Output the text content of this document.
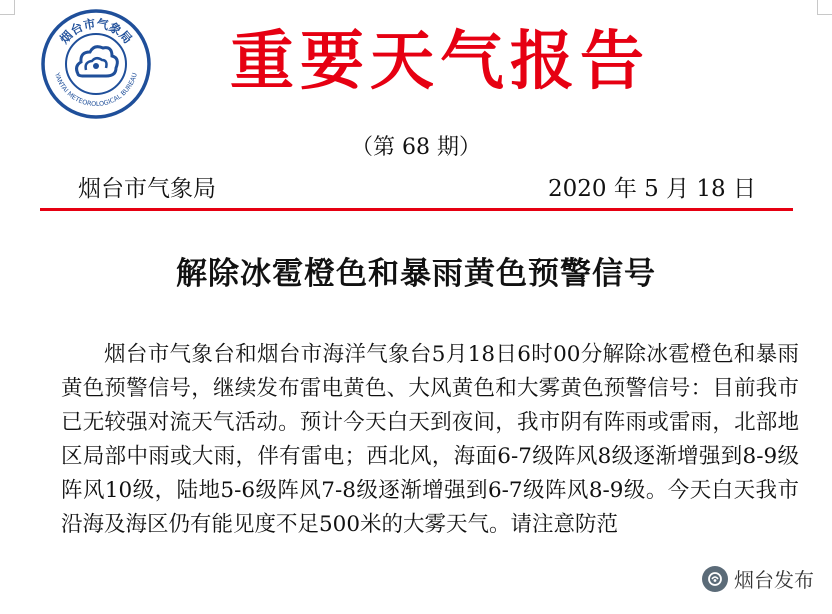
烟台市气象局
YANTAI METEOROLOGICAL BUREAU 重要天气报告
（第 68 期）
烟台市气象局	2020 年 5 月 18 日
解除冰雹橙色和暴雨黄色预警信号
烟台市气象台和烟台市海洋气象台5月18日6时00分解除冰雹橙色和暴雨黄色预警信号，继续发布雷电黄色、大风黄色和大雾黄色预警信号：目前我市已无较强对流天气活动。预计今天白天到夜间，我市阴有阵雨或雷雨，北部地区局部中雨或大雨，伴有雷电；西北风，海面6-7级阵风8级逐渐增强到8-9级阵风10级，陆地5-6级阵风7-8级逐渐增强到6-7级阵风8-9级。今天白天我市沿海及海区仍有能见度不足500米的大雾天气。请注意防范
烟台发布
